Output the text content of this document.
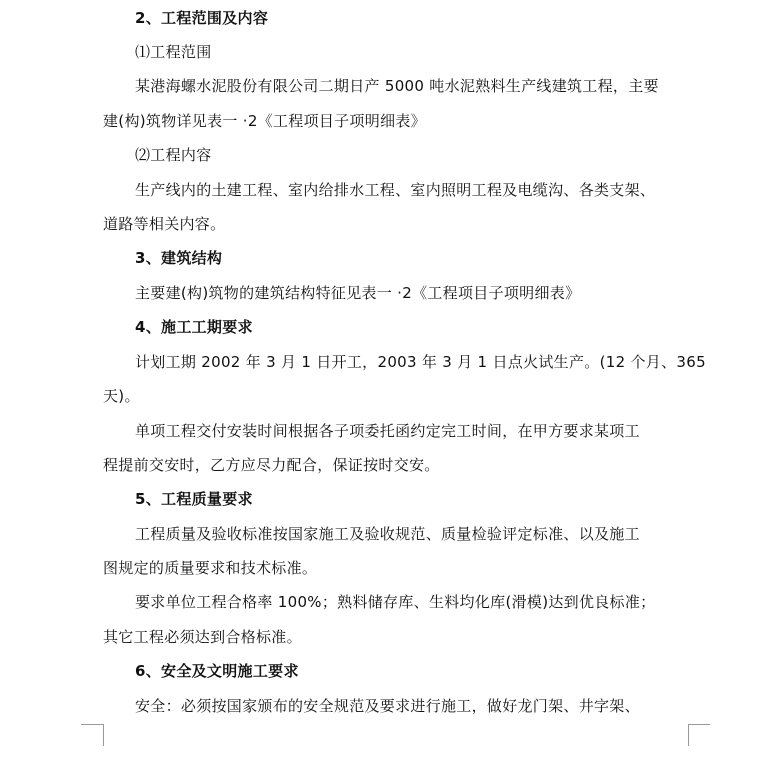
2、工程范围及内容
⑴工程范围
某港海螺水泥股份有限公司二期日产 5000 吨水泥熟料生产线建筑工程，主要
建(构)筑物详见表一 ·2《工程项目子项明细表》
⑵工程内容
生产线内的土建工程、室内给排水工程、室内照明工程及电缆沟、各类支架、
道路等相关内容。
3、建筑结构
主要建(构)筑物的建筑结构特征见表一 ·2《工程项目子项明细表》
4、施工工期要求
计划工期 2002 年 3 月 1 日开工，2003 年 3 月 1 日点火试生产。(12 个月、365
天)。
单项工程交付安装时间根据各子项委托函约定完工时间，在甲方要求某项工
程提前交安时，乙方应尽力配合，保证按时交安。
5、工程质量要求
工程质量及验收标准按国家施工及验收规范、质量检验评定标准、以及施工
图规定的质量要求和技术标准。
要求单位工程合格率 100%；熟料储存库、生料均化库(滑模)达到优良标准；
其它工程必须达到合格标准。
6、安全及文明施工要求
安全：必须按国家颁布的安全规范及要求进行施工，做好龙门架、井字架、
